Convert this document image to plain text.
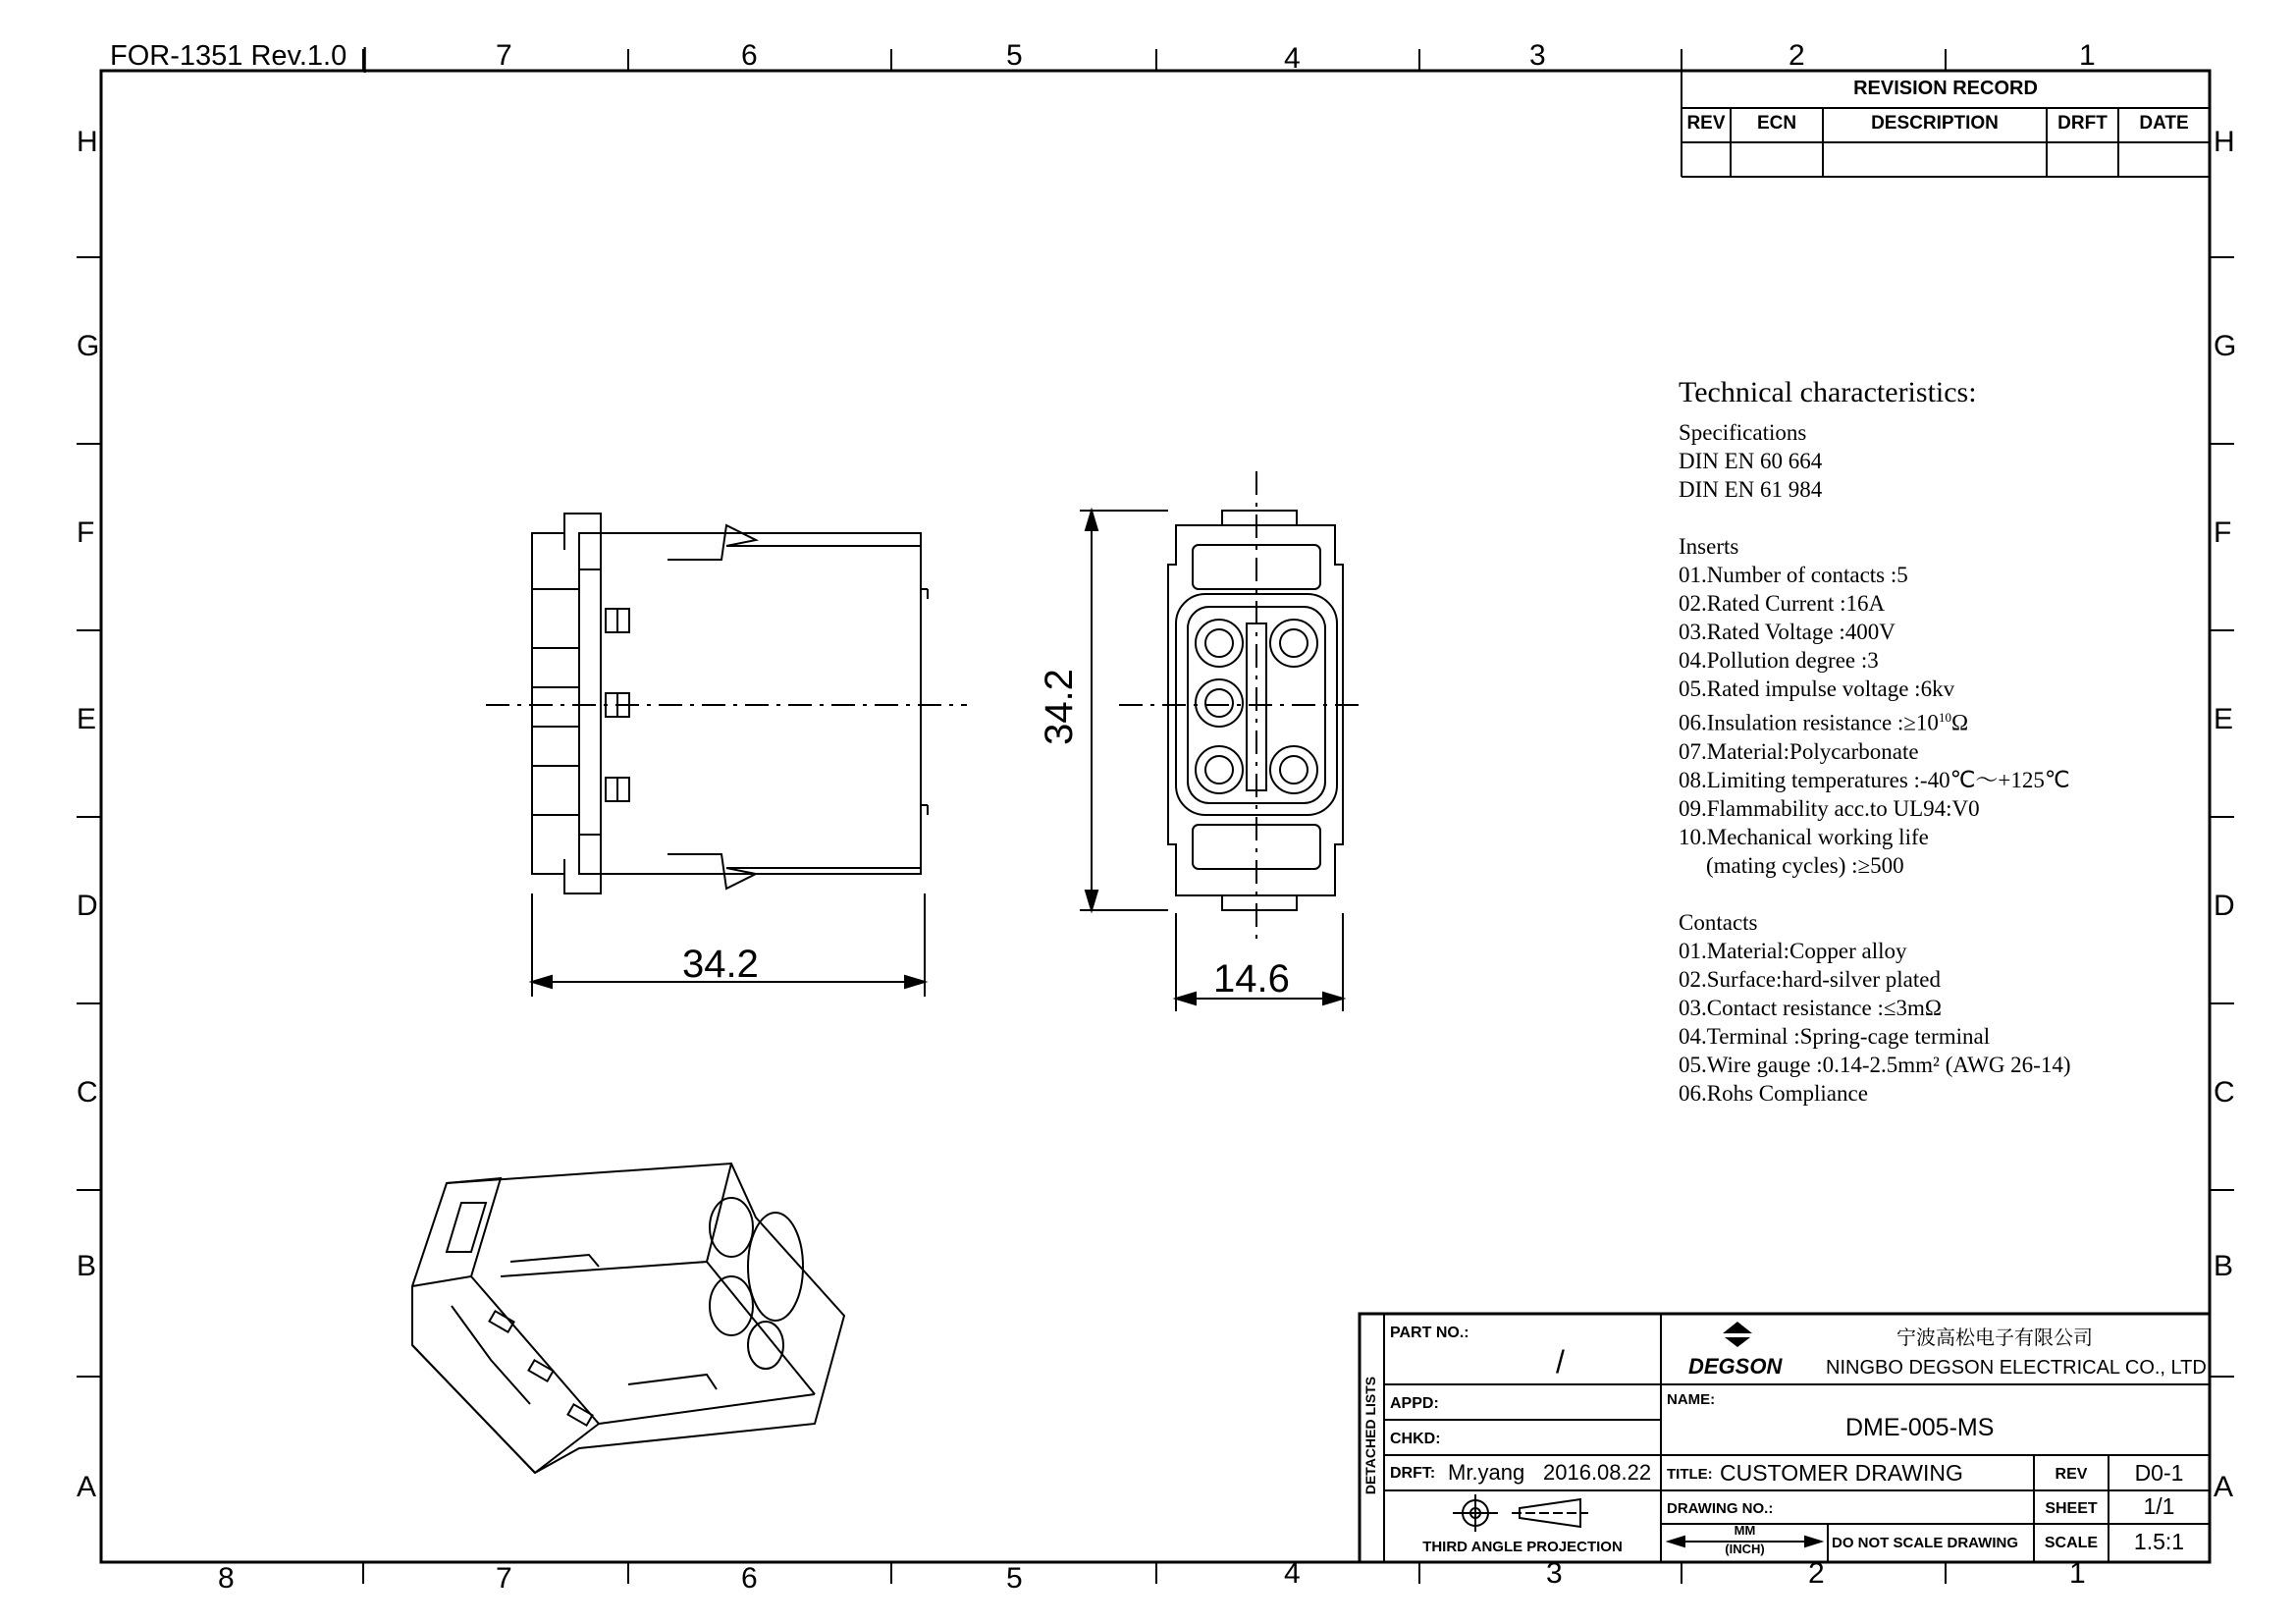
FOR-1351 Rev.1.0 |	7	6	5	4	3	2	1
8	7	6	5	4	3	2	1
H
G
F
E
D
C
B
A
H
G
F
E
D
C
B
A
REVISION RECORD
REV	ECN	DESCRIPTION	DRFT	DATE
34.2	14.6
34.2
Technical characteristics:
Specifications
DIN EN 60 664
DIN EN 61 984
Inserts
01.Number of contacts :5
02.Rated Current :16A
03.Rated Voltage :400V
04.Pollution degree :3
05.Rated impulse voltage :6kv
06.Insulation resistance $:\ge 10^{10}\Omega$
07.Material:Polycarbonate
08.Limiting temperatures :-40℃～+125℃
09.Flammability acc.to UL94:V0
10.Mechanical working life
(mating cycles) :≥500
Contacts
01.Material:Copper alloy
02.Surface:hard-silver plated
03.Contact resistance :≤3mΩ
04.Terminal :Spring-cage terminal
05.Wire gauge :0.14-2.5mm² (AWG 26-14)
06.Rohs Compliance
DETACHED LISTS
PART NO.:
/
APPD:
CHKD:
DRFT: Mr.yang 2016.08.22
THIRD ANGLE PROJECTION
DEGSON
宁波高松电子有限公司
NINGBO DEGSON ELECTRICAL CO., LTD
NAME:
DME-005-MS
TITLE: CUSTOMER DRAWING	REV	D0-1
DRAWING NO.:	SHEET	1/1
MM
(INCH)	DO NOT SCALE DRAWING	SCALE	1.5:1
